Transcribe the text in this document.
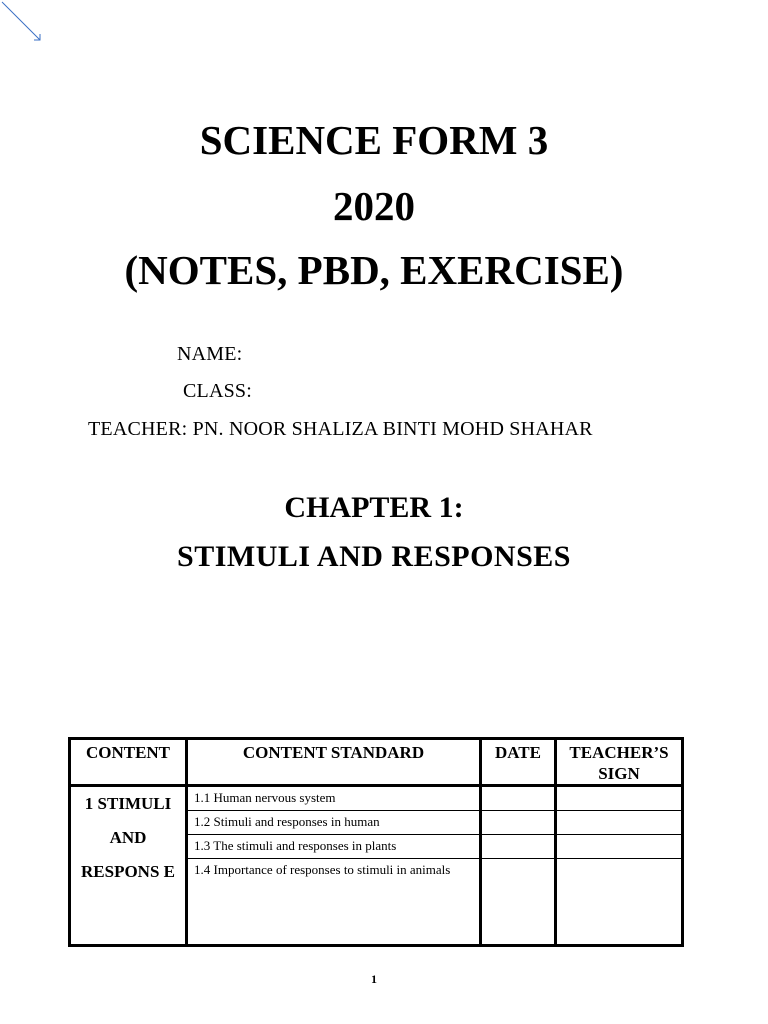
SCIENCE FORM 3
2020
(NOTES, PBD, EXERCISE)
NAME:
CLASS:
TEACHER: PN. NOOR SHALIZA BINTI MOHD SHAHAR
CHAPTER 1:
STIMULI AND RESPONSES
CONTENT	CONTENT STANDARD	DATE	TEACHER’S SIGN
1 STIMULI AND RESPONS E	1.1 Human nervous system		
	1.2 Stimuli and responses in human		
	1.3 The stimuli and responses in plants		
	1.4 Importance of responses to stimuli in animals		
1
